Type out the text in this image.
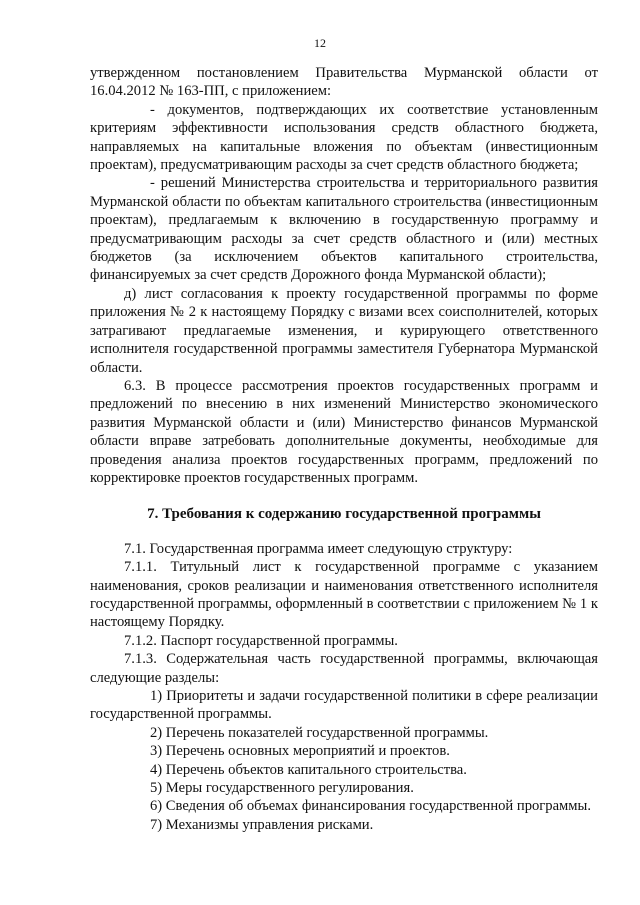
12

утвержденном постановлением Правительства Мурманской области от 16.04.2012 № 163-ПП, с приложением:

- документов, подтверждающих их соответствие установленным критериям эффективности использования средств областного бюджета, направляемых на капитальные вложения по объектам (инвестиционным проектам), предусматривающим расходы за счет средств областного бюджета;

- решений Министерства строительства и территориального развития Мурманской области по объектам капитального строительства (инвестиционным проектам), предлагаемым к включению в государственную программу и предусматривающим расходы за счет средств областного и (или) местных бюджетов (за исключением объектов капитального строительства, финансируемых за счет средств Дорожного фонда Мурманской области);

д) лист согласования к проекту государственной программы по форме приложения № 2 к настоящему Порядку с визами всех соисполнителей, которых затрагивают предлагаемые изменения, и курирующего ответственного исполнителя государственной программы заместителя Губернатора Мурманской области.

6.3. В процессе рассмотрения проектов государственных программ и предложений по внесению в них изменений Министерство экономического развития Мурманской области и (или) Министерство финансов Мурманской области вправе затребовать дополнительные документы, необходимые для проведения анализа проектов государственных программ, предложений по корректировке проектов государственных программ.

7. Требования к содержанию государственной программы

7.1. Государственная программа имеет следующую структуру:

7.1.1. Титульный лист к государственной программе с указанием наименования, сроков реализации и наименования ответственного исполнителя государственной программы, оформленный в соответствии с приложением № 1 к настоящему Порядку.

7.1.2. Паспорт государственной программы.

7.1.3. Содержательная часть государственной программы, включающая следующие разделы:

1) Приоритеты и задачи государственной политики в сфере реализации государственной программы.

2) Перечень показателей государственной программы.

3) Перечень основных мероприятий и проектов.

4) Перечень объектов капитального строительства.

5) Меры государственного регулирования.

6) Сведения об объемах финансирования государственной программы.

7) Механизмы управления рисками.
